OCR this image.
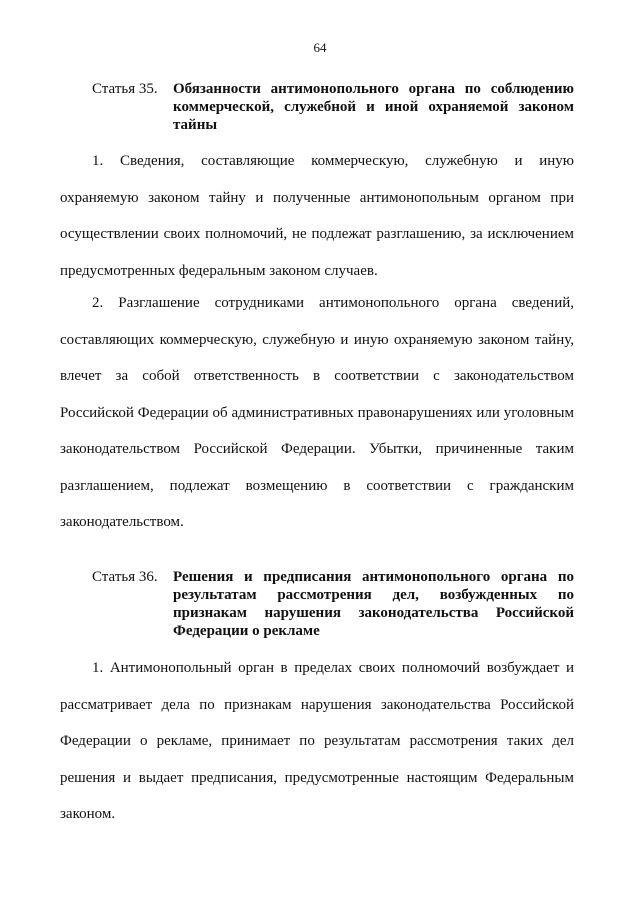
64
Статья 35. Обязанности антимонопольного органа по соблюдению коммерческой, служебной и иной охраняемой законом тайны

1. Сведения, составляющие коммерческую, служебную и иную охраняемую законом тайну и полученные антимонопольным органом при осуществлении своих полномочий, не подлежат разглашению, за исключением предусмотренных федеральным законом случаев.

2. Разглашение сотрудниками антимонопольного органа сведений, составляющих коммерческую, служебную и иную охраняемую законом тайну, влечет за собой ответственность в соответствии с законодательством Российской Федерации об административных правонарушениях или уголовным законодательством Российской Федерации. Убытки, причиненные таким разглашением, подлежат возмещению в соответствии с гражданским законодательством.

Статья 36. Решения и предписания антимонопольного органа по результатам рассмотрения дел, возбужденных по признакам нарушения законодательства Российской Федерации о рекламе

1. Антимонопольный орган в пределах своих полномочий возбуждает и рассматривает дела по признакам нарушения законодательства Российской Федерации о рекламе, принимает по результатам рассмотрения таких дел решения и выдает предписания, предусмотренные настоящим Федеральным законом.
